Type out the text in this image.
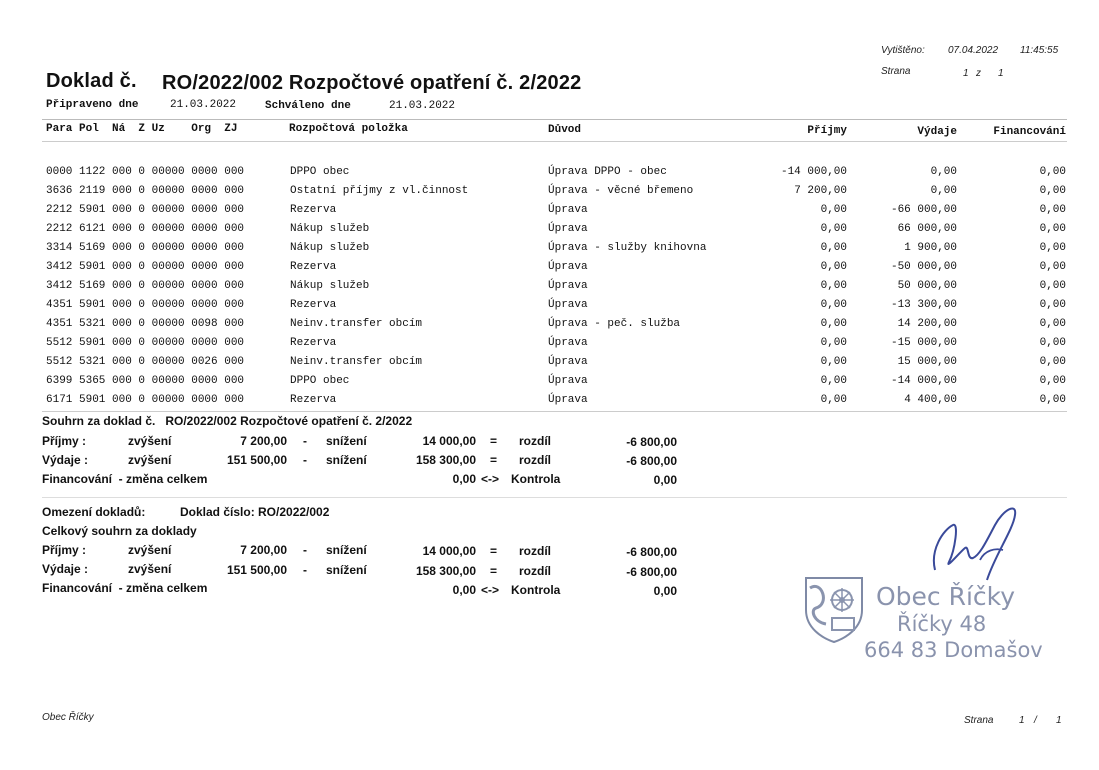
Vytištěno: 07.04.2022 11:45:55
Strana	1 z 1
Doklad č. RO/2022/002 Rozpočtové opatření č. 2/2022
Připraveno dne	21.03.2022	Schváleno dne	21.03.2022
Para Pol  Ná  Z Uz    Org  ZJ	Rozpočtová položka	Důvod	Příjmy	Výdaje	Financování
0000 1122 000 0 00000 0000 000	DPPO obec	Úprava DPPO - obec	-14 000,00	0,00	0,00
3636 2119 000 0 00000 0000 000	Ostatní příjmy z vl.činnost	Úprava - věcné břemeno	7 200,00	0,00	0,00
2212 5901 000 0 00000 0000 000	Rezerva	Úprava	0,00	-66 000,00	0,00
2212 6121 000 0 00000 0000 000	Nákup služeb	Úprava	0,00	66 000,00	0,00
3314 5169 000 0 00000 0000 000	Nákup služeb	Úprava - služby knihovna	0,00	1 900,00	0,00
3412 5901 000 0 00000 0000 000	Rezerva	Úprava	0,00	-50 000,00	0,00
3412 5169 000 0 00000 0000 000	Nákup služeb	Úprava	0,00	50 000,00	0,00
4351 5901 000 0 00000 0000 000	Rezerva	Úprava	0,00	-13 300,00	0,00
4351 5321 000 0 00000 0098 000	Neinv.transfer obcím	Úprava - peč. služba	0,00	14 200,00	0,00
5512 5901 000 0 00000 0000 000	Rezerva	Úprava	0,00	-15 000,00	0,00
5512 5321 000 0 00000 0026 000	Neinv.transfer obcím	Úprava	0,00	15 000,00	0,00
6399 5365 000 0 00000 0000 000	DPPO obec	Úprava	0,00	-14 000,00	0,00
6171 5901 000 0 00000 0000 000	Rezerva	Úprava	0,00	4 400,00	0,00
Souhrn za doklad č.   RO/2022/002 Rozpočtové opatření č. 2/2022
Příjmy :	zvýšení	7 200,00 - snížení	14 000,00 = rozdíl	-6 800,00
Výdaje :	zvýšení	151 500,00 - snížení	158 300,00 = rozdíl	-6 800,00
Financování  - změna celkem	0,00 <-> Kontrola	0,00
Omezení dokladů:	Doklad číslo: RO/2022/002
Celkový souhrn za doklady
Příjmy :	zvýšení	7 200,00 - snížení	14 000,00 = rozdíl	-6 800,00
Výdaje :	zvýšení	151 500,00 - snížení	158 300,00 = rozdíl	-6 800,00
Financování  - změna celkem	0,00 <-> Kontrola	0,00	Obec Říčky
Říčky 48
664 83 Domašov
Obec Říčky	Strana	1 / 1
